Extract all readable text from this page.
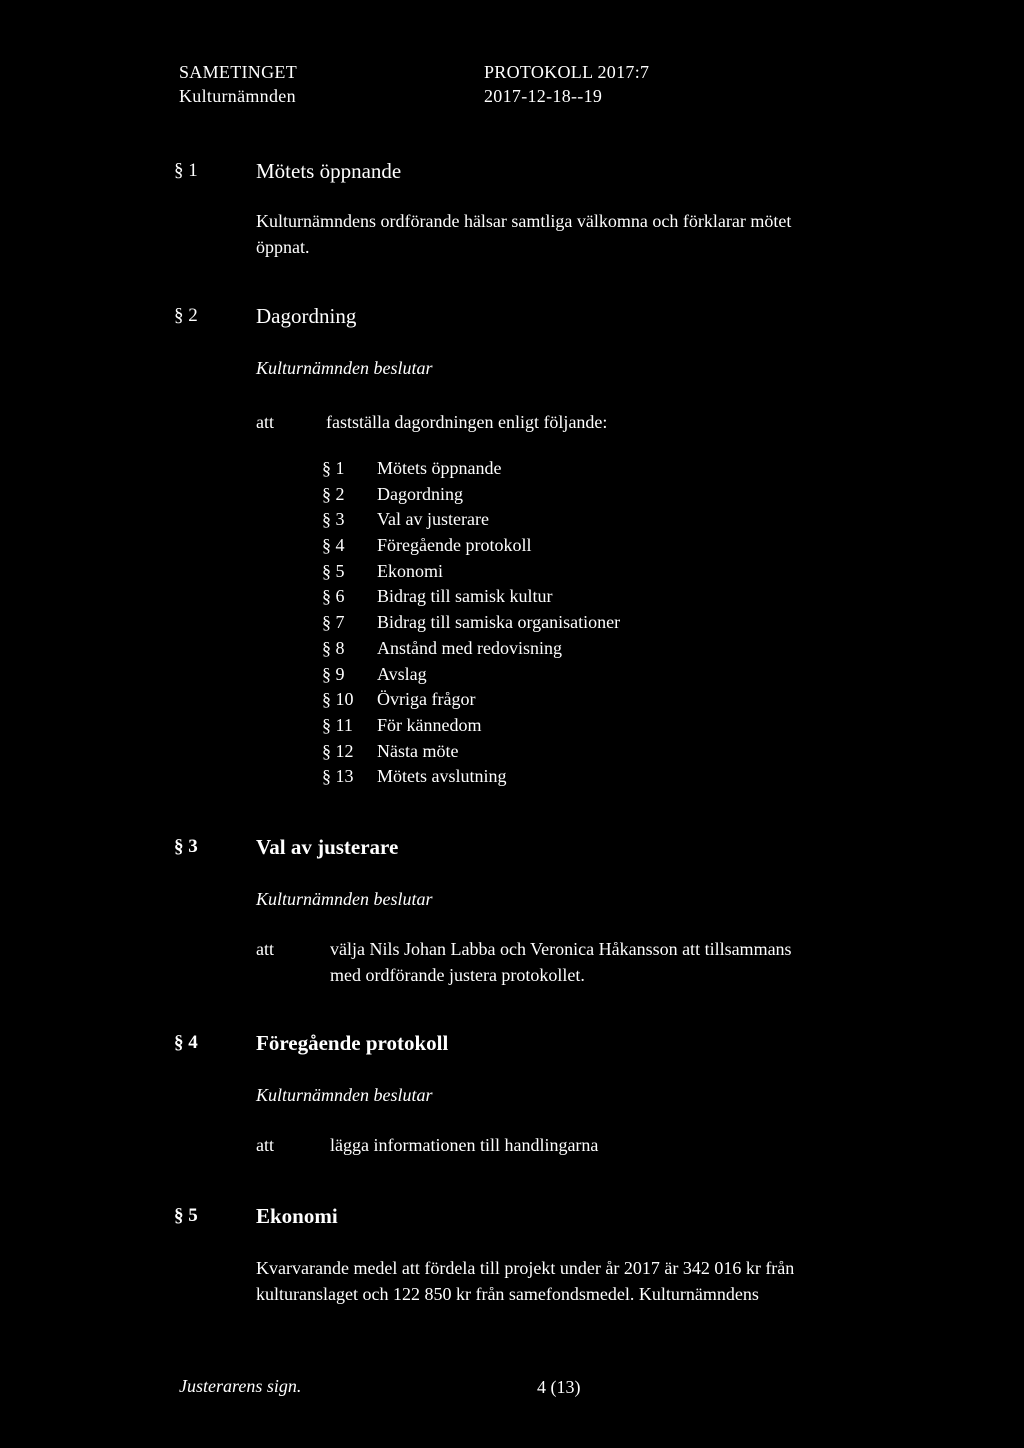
SAMETINGET
Kulturnämnden
PROTOKOLL 2017:7
2017-12-18--19
§ 1	Mötets öppnande
Kulturnämndens ordförande hälsar samtliga välkomna och förklarar mötet
öppnat.
§ 2	Dagordning
Kulturnämnden beslutar
att	fastställa dagordningen enligt följande:
§ 1	Mötets öppnande
§ 2	Dagordning
§ 3	Val av justerare
§ 4	Föregående protokoll
§ 5	Ekonomi
§ 6	Bidrag till samisk kultur
§ 7	Bidrag till samiska organisationer
§ 8	Anstånd med redovisning
§ 9	Avslag
§ 10	Övriga frågor
§ 11	För kännedom
§ 12	Nästa möte
§ 13	Mötets avslutning
§ 3	Val av justerare
Kulturnämnden beslutar
att	välja Nils Johan Labba och Veronica Håkansson att tillsammans
med ordförande justera protokollet.
§ 4	Föregående protokoll
Kulturnämnden beslutar
att	lägga informationen till handlingarna
§ 5	Ekonomi
Kvarvarande medel att fördela till projekt under år 2017 är 342 016 kr från
kulturanslaget och 122 850 kr från samefondsmedel. Kulturnämndens
Justerarens sign.	4 (13)
